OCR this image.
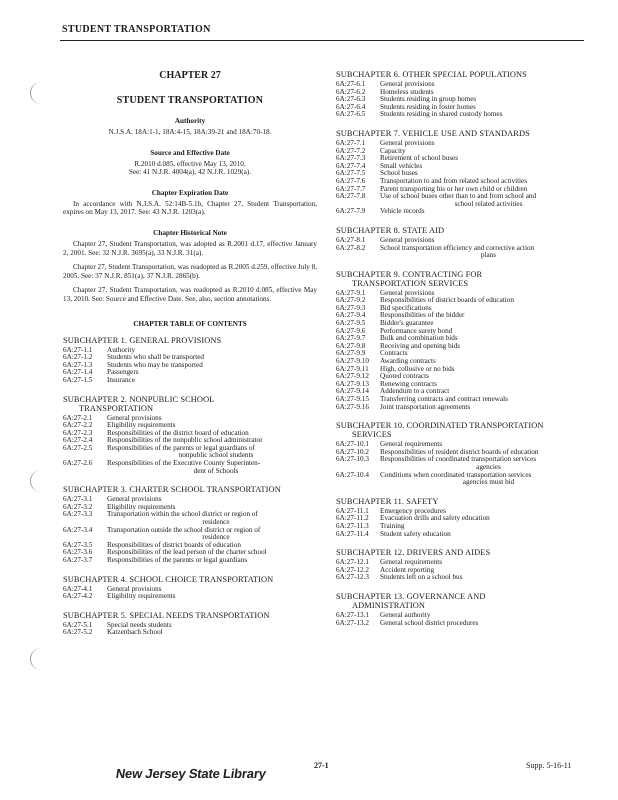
STUDENT TRANSPORTATION
CHAPTER 27
STUDENT TRANSPORTATION
Authority
N.J.S.A. 18A:1-1, 18A:4-15, 18A:39-21 and 18A:70-18.
Source and Effective Date
R.2010 d.085, effective May 13, 2010.
See: 41 N.J.R. 4004(a), 42 N.J.R. 1029(a).
Chapter Expiration Date
In accordance with N.J.S.A. 52:14B-5.1b, Chapter 27, Student Transportation, expires on May 13, 2017. See: 43 N.J.R. 1203(a).
Chapter Historical Note
Chapter 27, Student Transportation, was adopted as R.2001 d.17, effective January 2, 2001. See: 32 N.J.R. 3695(a), 33 N.J.R. 31(a).
Chapter 27, Student Transportation, was readopted as R.2005 d.259, effective July 8, 2005. See: 37 N.J.R. 851(a), 37 N.J.R. 2865(b).
Chapter 27, Student Transportation, was readopted as R.2010 d.085, effective May 13, 2010. See: Source and Effective Date. See, also, section annotations.
CHAPTER TABLE OF CONTENTS
SUBCHAPTER 1. GENERAL PROVISIONS
6A:27-1.1	Authority
6A:27-1.2	Students who shall be transported
6A:27-1.3	Students who may be transported
6A:27-1.4	Passengers
6A:27-1.5	Insurance
SUBCHAPTER 2. NONPUBLIC SCHOOL
TRANSPORTATION
6A:27-2.1	General provisions
6A:27-2.2	Eligibility requirements
6A:27-2.3	Responsibilities of the district board of education
6A:27-2.4	Responsibilities of the nonpublic school administrator
6A:27-2.5	Responsibilities of the parents or legal guardians of
nonpublic school students
6A:27-2.6	Responsibilities of the Executive County Superinten-
dent of Schools
SUBCHAPTER 3. CHARTER SCHOOL TRANSPORTATION
6A:27-3.1	General provisions
6A:27-3.2	Eligibility requirements
6A:27-3.3	Transportation within the school district or region of
residence
6A:27-3.4	Transportation outside the school district or region of
residence
6A:27-3.5	Responsibilities of district boards of education
6A:27-3.6	Responsibilities of the lead person of the charter school
6A:27-3.7	Responsibilities of the parents or legal guardians
SUBCHAPTER 4. SCHOOL CHOICE TRANSPORTATION
6A:27-4.1	General provisions
6A:27-4.2	Eligibility requirements
SUBCHAPTER 5. SPECIAL NEEDS TRANSPORTATION
6A:27-5.1	Special needs students
6A:27-5.2	Katzenbach School
SUBCHAPTER 6. OTHER SPECIAL POPULATIONS
6A:27-6.1	General provisions
6A:27-6.2	Homeless students
6A:27-6.3	Students residing in group homes
6A:27-6.4	Students residing in foster homes
6A:27-6.5	Students residing in shared custody homes
SUBCHAPTER 7. VEHICLE USE AND STANDARDS
6A:27-7.1	General provisions
6A:27-7.2	Capacity
6A:27-7.3	Retirement of school buses
6A:27-7.4	Small vehicles
6A:27-7.5	School buses
6A:27-7.6	Transportation to and from related school activities
6A:27-7.7	Parent transporting his or her own child or children
6A:27-7.8	Use of school buses other than to and from school and
school related activities
6A:27-7.9	Vehicle records
SUBCHAPTER 8. STATE AID
6A:27-8.1	General provisions
6A:27-8.2	School transportation efficiency and corrective action
plans
SUBCHAPTER 9. CONTRACTING FOR
TRANSPORTATION SERVICES
6A:27-9.1	General provisions
6A:27-9.2	Responsibilities of district boards of education
6A:27-9.3	Bid specifications
6A:27-9.4	Responsibilities of the bidder
6A:27-9.5	Bidder's guarantee
6A:27-9.6	Performance surety bond
6A:27-9.7	Bulk and combination bids
6A:27-9.8	Receiving and opening bids
6A:27-9.9	Contracts
6A:27-9.10	Awarding contracts
6A:27-9.11	High, collusive or no bids
6A:27-9.12	Quoted contracts
6A:27-9.13	Renewing contracts
6A:27-9.14	Addendum to a contract
6A:27-9.15	Transferring contracts and contract renewals
6A:27-9.16	Joint transportation agreements
SUBCHAPTER 10. COORDINATED TRANSPORTATION
SERVICES
6A:27-10.1	General requirements
6A:27-10.2	Responsibilities of resident district boards of education
6A:27-10.3	Responsibilities of coordinated transportation services
agencies
6A:27-10.4	Conditions when coordinated transportation services
agencies must bid
SUBCHAPTER 11. SAFETY
6A:27-11.1	Emergency procedures
6A:27-11.2	Evacuation drills and safety education
6A:27-11.3	Training
6A:27-11.4	Student safety education
SUBCHAPTER 12. DRIVERS AND AIDES
6A:27-12.1	General requirements
6A:27-12.2	Accident reporting
6A:27-12.3	Students left on a school bus
SUBCHAPTER 13. GOVERNANCE AND
ADMINISTRATION
6A:27-13.1	General authority
6A:27-13.2	General school district procedures
New Jersey State Library
27-1	Supp. 5-16-11
